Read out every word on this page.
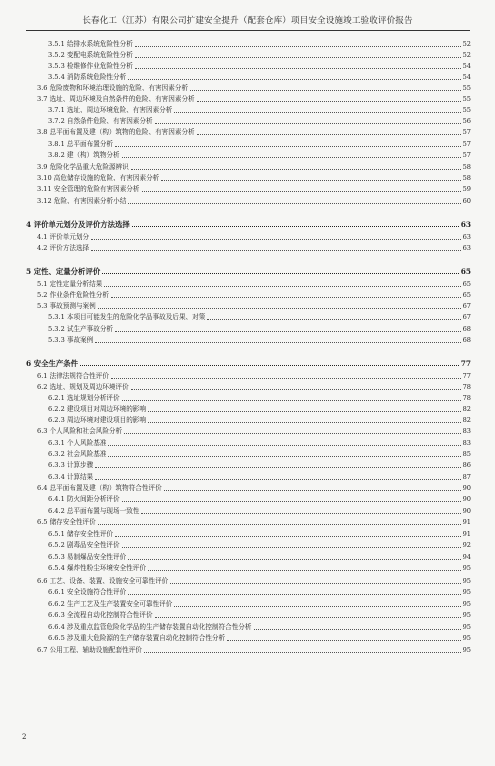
长春化工（江苏）有限公司扩建安全提升（配套仓库）项目安全设施竣工验收评价报告
3.5.1 给排水系统危险性分析	52
3.5.2 变配电系统危险性分析	52
3.5.3 检维修作业危险性分析	54
3.5.4 消防系统危险性分析	54
3.6 危险废物和环境治理设施的危险、有害因素分析	55
3.7 选址、周边环境及自然条件的危险、有害因素分析	55
3.7.1 选址、周边环境危险、有害因素分析	55
3.7.2 自然条件危险、有害因素分析	56
3.8 总平面布置及建（构）筑物的危险、有害因素分析	57
3.8.1 总平面布置分析	57
3.8.2 建（构）筑物分析	57
3.9 危险化学品重大危险源辨识	58
3.10 高危储存设施的危险、有害因素分析	58
3.11 安全管理的危险有害因素分析	59
3.12 危险、有害因素分析小结	60
4 评价单元划分及评价方法选择	63
4.1 评价单元划分	63
4.2 评价方法选择	63
5 定性、定量分析评价	65
5.1 定性定量分析结果	65
5.2 作业条件危险性分析	65
5.3 事故预测与案例	67
5.3.1 本项目可能发生的危险化学品事故及后果、对策	67
5.3.2 试生产事故分析	68
5.3.3 事故案例	68
6 安全生产条件	77
6.1 法律法规符合性评价	77
6.2 选址、规划及周边环境评价	78
6.2.1 选址规划分析评价	78
6.2.2 建设项目对周边环境的影响	82
6.2.3 周边环境对建设项目的影响	82
6.3 个人风险和社会风险分析	83
6.3.1 个人风险基准	83
6.3.2 社会风险基准	85
6.3.3 计算步骤	86
6.3.4 计算结果	87
6.4 总平面布置及建（构）筑物符合性评价	90
6.4.1 防火间距分析评价	90
6.4.2 总平面布置与现场一致性	90
6.5 储存安全性评价	91
6.5.1 储存安全性评价	91
6.5.2 剧毒品安全性评价	92
6.5.3 易制爆品安全性评价	94
6.5.4 爆炸性粉尘环境安全性评价	95
6.6 工艺、设备、装置、设施安全可靠性评价	95
6.6.1 安全设施符合性评价	95
6.6.2 生产工艺及生产装置安全可靠性评价	95
6.6.3 全流程自动化控制符合性评价	95
6.6.4 涉及重点监管危险化学品的生产储存装置自动化控制符合性分析	95
6.6.5 涉及重大危险源的生产储存装置自动化控制符合性分析	95
6.7 公用工程、辅助设施配套性评价	95
2
